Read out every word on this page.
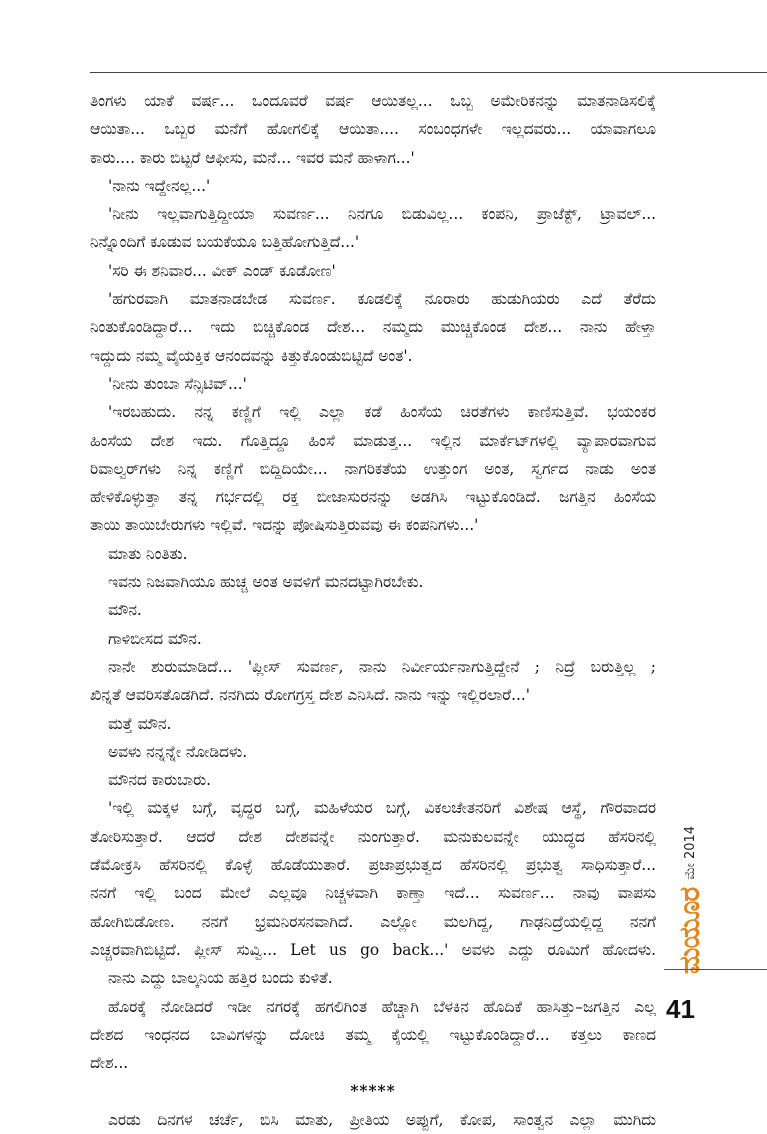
ತಿಂಗಳು ಯಾಕೆ ವರ್ಷ... ಒಂದೂವರೆ ವರ್ಷ ಆಯಿತಲ್ಲ... ಒಬ್ಬ ಅಮೇರಿಕನನ್ನು ಮಾತನಾಡಿಸಲಿಕ್ಕೆ
ಆಯಿತಾ... ಒಬ್ಬರ ಮನೆಗೆ ಹೋಗಲಿಕ್ಕೆ ಆಯಿತಾ.... ಸಂಬಂಧಗಳೇ ಇಲ್ಲದವರು... ಯಾವಾಗಲೂ
ಕಾರು.... ಕಾರು ಬಿಟ್ಟರೆ ಆಫೀಸು, ಮನೆ... ಇವರ ಮನೆ ಹಾಳಾಗ...'
'ನಾನು ಇದ್ದೇನಲ್ಲ...'
'ನೀನು ಇಲ್ಲವಾಗುತ್ತಿದ್ದೀಯಾ ಸುವರ್ಣ... ನಿನಗೂ ಬಿಡುವಿಲ್ಲ... ಕಂಪನಿ, ಪ್ರಾಜೆಕ್ಟ್, ಟ್ರಾವಲ್...
ನಿನ್ನೊಂದಿಗೆ ಕೂಡುವ ಬಯಕೆಯೂ ಬತ್ತಿಹೋಗುತ್ತಿದೆ...'
'ಸರಿ ಈ ಶನಿವಾರ... ವೀಕ್ ಎಂಡ್ ಕೂಡೋಣ'
'ಹಗುರವಾಗಿ ಮಾತನಾಡಬೇಡ ಸುವರ್ಣ. ಕೂಡಲಿಕ್ಕೆ ನೂರಾರು ಹುಡುಗಿಯರು ಎದೆ ತೆರೆದು
ನಿಂತುಕೊಂಡಿದ್ದಾರೆ... ಇದು ಬಿಚ್ಚಿಕೊಂಡ ದೇಶ... ನಮ್ಮದು ಮುಚ್ಚಿಕೊಂಡ ದೇಶ... ನಾನು ಹೇಳ್ತಾ
ಇದ್ದುದು ನಮ್ಮ ವೈಯಕ್ತಿಕ ಆನಂದವನ್ನು ಕಿತ್ತುಕೊಂಡುಬಿಟ್ಟಿದೆ ಅಂತ'.
'ನೀನು ತುಂಬಾ ಸೆನ್ಸಿಟಿವ್...'
'ಇರಬಹುದು. ನನ್ನ ಕಣ್ಣಿಗೆ ಇಲ್ಲಿ ಎಲ್ಲಾ ಕಡೆ ಹಿಂಸೆಯ ಚಿರತೆಗಳು ಕಾಣಿಸುತ್ತಿವೆ. ಭಯಂಕರ
ಹಿಂಸೆಯ ದೇಶ ಇದು. ಗೊತ್ತಿದ್ದೂ ಹಿಂಸೆ ಮಾಡುತ್ತ... ಇಲ್ಲಿನ ಮಾರ್ಕೆಟ್‌ಗಳಲ್ಲಿ ವ್ಯಾಪಾರವಾಗುವ
ರಿವಾಲ್ವರ್‌ಗಳು ನಿನ್ನ ಕಣ್ಣಿಗೆ ಬಿದ್ದಿದಿಯೇ... ನಾಗರಿಕತೆಯ ಉತ್ತುಂಗ ಅಂತ, ಸ್ವರ್ಗದ ನಾಡು ಅಂತ
ಹೇಳಿಕೊಳ್ಳುತ್ತಾ ತನ್ನ ಗರ್ಭದಲ್ಲಿ ರಕ್ತ ಬೀಜಾಸುರನನ್ನು ಅಡಗಿಸಿ ಇಟ್ಟುಕೊಂಡಿದೆ. ಜಗತ್ತಿನ ಹಿಂಸೆಯ
ತಾಯಿ ತಾಯಿಬೇರುಗಳು ಇಲ್ಲಿವೆ. ಇದನ್ನು ಪೋಷಿಸುತ್ತಿರುವವು ಈ ಕಂಪನಿಗಳು...'
ಮಾತು ನಿಂತಿತು.
ಇವನು ನಿಜವಾಗಿಯೂ ಹುಚ್ಚ ಅಂತ ಅವಳಿಗೆ ಮನದಟ್ಟಾಗಿರಬೇಕು.
ಮೌನ.
ಗಾಳಿಬೀಸದ ಮೌನ.
ನಾನೇ ಶುರುಮಾಡಿದೆ... 'ಪ್ಲೀಸ್ ಸುವರ್ಣ, ನಾನು ನಿರ್ವೀರ್ಯನಾಗುತ್ತಿದ್ದೇನೆ ; ನಿದ್ರೆ ಬರುತ್ತಿಲ್ಲ ;
ಖಿನ್ನತೆ ಆವರಿಸತೊಡಗಿದೆ. ನನಗಿದು ರೋಗಗ್ರಸ್ತ ದೇಶ ಎನಿಸಿದೆ. ನಾನು ಇನ್ನು ಇಲ್ಲಿರಲಾರೆ...'
ಮತ್ತೆ ಮೌನ.
ಅವಳು ನನ್ನನ್ನೇ ನೋಡಿದಳು.
ಮೌನದ ಕಾರುಬಾರು.
'ಇಲ್ಲಿ ಮಕ್ಕಳ ಬಗ್ಗೆ, ವೃದ್ಧರ ಬಗ್ಗೆ, ಮಹಿಳೆಯರ ಬಗ್ಗೆ, ವಿಕಲಚೇತನರಿಗೆ ವಿಶೇಷ ಆಸ್ಥೆ, ಗೌರವಾದರ
ತೋರಿಸುತ್ತಾರೆ. ಆದರೆ ದೇಶ ದೇಶವನ್ನೇ ನುಂಗುತ್ತಾರೆ. ಮನುಕುಲವನ್ನೇ ಯುದ್ಧದ ಹೆಸರಿನಲ್ಲಿ
ಡೆಮೋಕ್ರಸಿ ಹೆಸರಿನಲ್ಲಿ ಕೊಳ್ಳೆ ಹೊಡೆಯುತಾರೆ. ಪ್ರಜಾಪ್ರಭುತ್ವದ ಹೆಸರಿನಲ್ಲಿ ಪ್ರಭುತ್ವ ಸಾಧಿಸುತ್ತಾರೆ...
ನನಗೆ ಇಲ್ಲಿ ಬಂದ ಮೇಲೆ ಎಲ್ಲವೂ ನಿಚ್ಚಳವಾಗಿ ಕಾಣ್ತಾ ಇದೆ... ಸುವರ್ಣ... ನಾವು ವಾಪಸು
ಹೋಗಿಬಿಡೋಣ. ನನಗೆ ಭ್ರಮನಿರಸನವಾಗಿದೆ. ಎಲ್ಲೋ ಮಲಗಿದ್ದ, ಗಾಢನಿದ್ರೆಯಲ್ಲಿದ್ದ ನನಗೆ
ಎಚ್ಚರವಾಗಿಬಿಟ್ಟಿದೆ. ಪ್ಲೀಸ್ ಸುವ್ವಿ... Let us go back...' ಅವಳು ಎದ್ದು ರೂಮಿಗೆ ಹೋದಳು.
ನಾನು ಎದ್ದು ಬಾಲ್ಕನಿಯ ಹತ್ತಿರ ಬಂದು ಕುಳಿತೆ.
ಹೊರಕ್ಕೆ ನೋಡಿದರೆ ಇಡೀ ನಗರಕ್ಕೆ ಹಗಲಿಗಿಂತ ಹೆಚ್ಚಾಗಿ ಬೆಳಕಿನ ಹೊದಿಕೆ ಹಾಸಿತ್ತು–ಜಗತ್ತಿನ ಎಲ್ಲ
ದೇಶದ ಇಂಧನದ ಬಾವಿಗಳನ್ನು ದೋಚಿ ತಮ್ಮ ಕೈಯಲ್ಲಿ ಇಟ್ಟುಕೊಂಡಿದ್ದಾರೆ... ಕತ್ತಲು ಕಾಣದ
ದೇಶ...
*****
ಎರಡು ದಿನಗಳ ಚರ್ಚೆ, ಬಿಸಿ ಮಾತು, ಪ್ರೀತಿಯ ಅಪ್ಪುಗೆ, ಕೋಪ, ಸಾಂತ್ವನ ಎಲ್ಲಾ ಮುಗಿದು
ಮಯೂರ
ಮೇ 2014
41
